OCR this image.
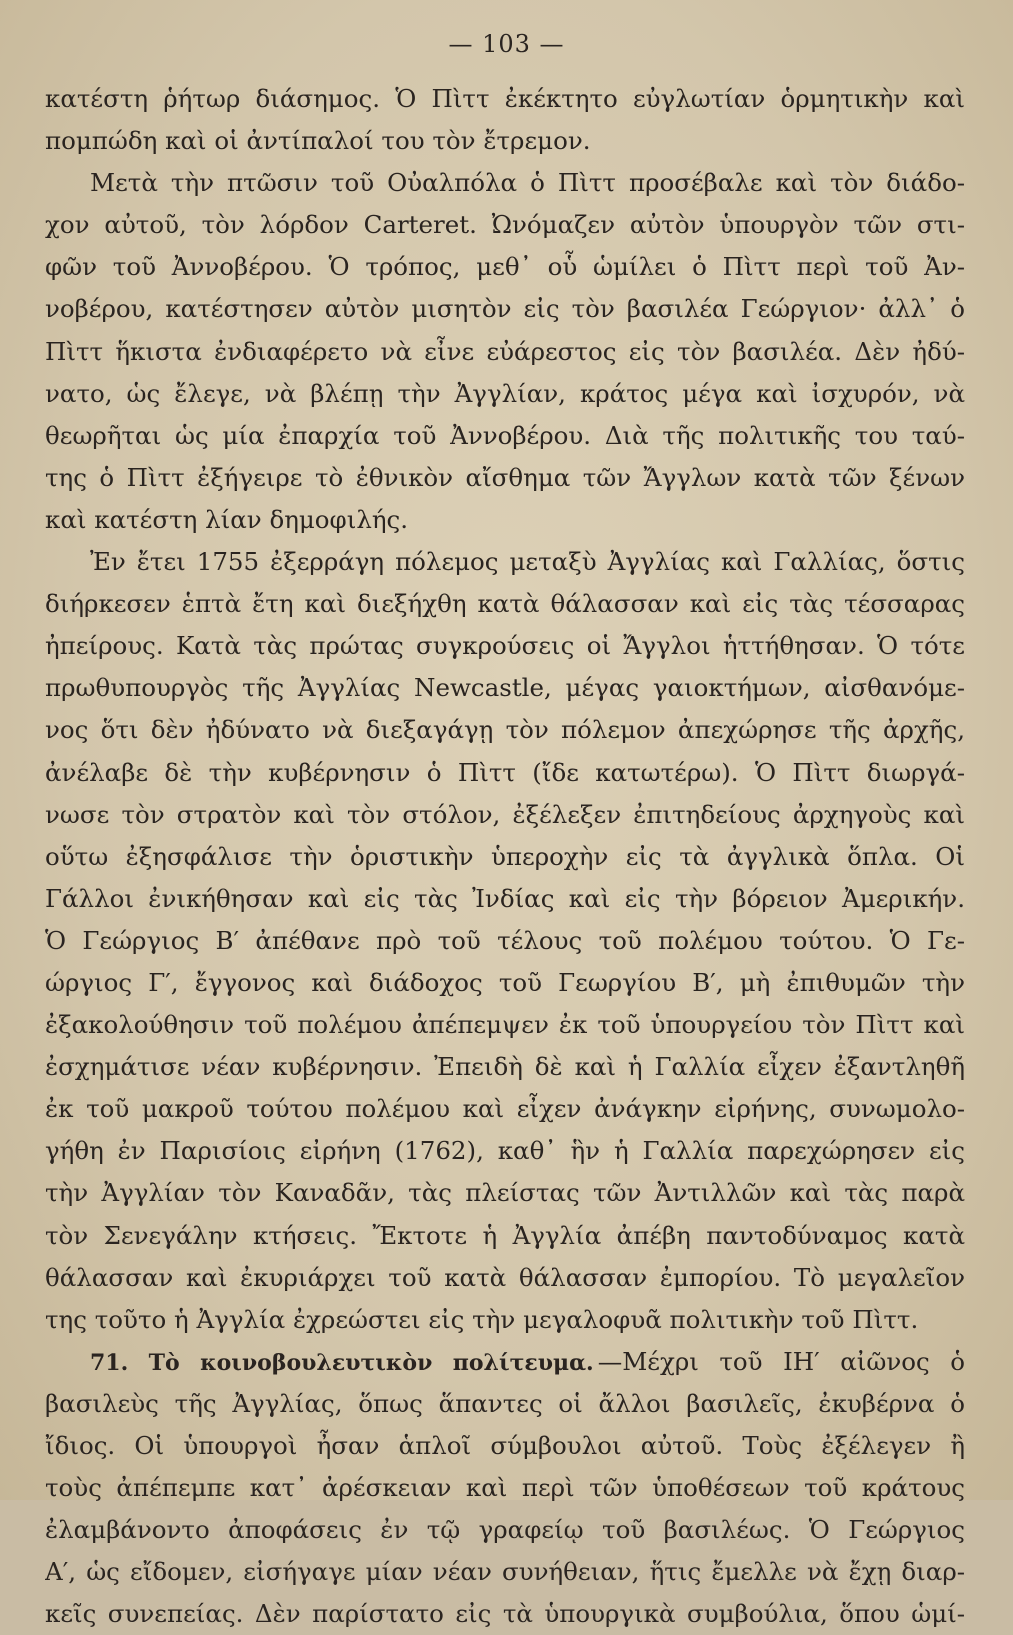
— 103 —
κατέστη ῥήτωρ διάσημος. Ὁ Πὶττ ἐκέκτητο εὐγλωτίαν ὁρμητικὴν καὶ
πομπώδη καὶ οἱ ἀντίπαλοί του τὸν ἔτρεμον.
Μετὰ τὴν πτῶσιν τοῦ Οὐαλπόλα ὁ Πὶττ προσέβαλε καὶ τὸν διάδο-
χον αὐτοῦ, τὸν λόρδον Carteret. Ὠνόμαζεν αὐτὸν ὑπουργὸν τῶν στι-
φῶν τοῦ Ἀννοβέρου. Ὁ τρόπος, μεθ᾽ οὗ ὡμίλει ὁ Πὶττ περὶ τοῦ Ἀν-
νοβέρου, κατέστησεν αὐτὸν μισητὸν εἰς τὸν βασιλέα Γεώργιον· ἀλλ᾽ ὁ
Πὶττ ἥκιστα ἐνδιαφέρετο νὰ εἶνε εὐάρεστος εἰς τὸν βασιλέα. Δὲν ἠδύ-
νατο, ὡς ἔλεγε, νὰ βλέπῃ τὴν Ἀγγλίαν, κράτος μέγα καὶ ἰσχυρόν, νὰ
θεωρῆται ὡς μία ἐπαρχία τοῦ Ἀννοβέρου. Διὰ τῆς πολιτικῆς του ταύ-
της ὁ Πὶττ ἐξήγειρε τὸ ἐθνικὸν αἴσθημα τῶν Ἄγγλων κατὰ τῶν ξένων
καὶ κατέστη λίαν δημοφιλής.
Ἐν ἔτει 1755 ἐξερράγη πόλεμος μεταξὺ Ἀγγλίας καὶ Γαλλίας, ὅστις
διήρκεσεν ἑπτὰ ἔτη καὶ διεξήχθη κατὰ θάλασσαν καὶ εἰς τὰς τέσσαρας
ἠπείρους. Κατὰ τὰς πρώτας συγκρούσεις οἱ Ἄγγλοι ἡττήθησαν. Ὁ τότε
πρωθυπουργὸς τῆς Ἀγγλίας Newcastle, μέγας γαιοκτήμων, αἰσθανόμε-
νος ὅτι δὲν ἠδύνατο νὰ διεξαγάγῃ τὸν πόλεμον ἀπεχώρησε τῆς ἀρχῆς,
ἀνέλαβε δὲ τὴν κυβέρνησιν ὁ Πὶττ (ἴδε κατωτέρω). Ὁ Πὶττ διωργά-
νωσε τὸν στρατὸν καὶ τὸν στόλον, ἐξέλεξεν ἐπιτηδείους ἀρχηγοὺς καὶ
οὕτω ἐξησφάλισε τὴν ὁριστικὴν ὑπεροχὴν εἰς τὰ ἀγγλικὰ ὅπλα. Οἱ
Γάλλοι ἐνικήθησαν καὶ εἰς τὰς Ἰνδίας καὶ εἰς τὴν βόρειον Ἀμερικήν.
Ὁ Γεώργιος Β′ ἀπέθανε πρὸ τοῦ τέλους τοῦ πολέμου τούτου. Ὁ Γε-
ώργιος Γ′, ἔγγονος καὶ διάδοχος τοῦ Γεωργίου Β′, μὴ ἐπιθυμῶν τὴν
ἐξακολούθησιν τοῦ πολέμου ἀπέπεμψεν ἐκ τοῦ ὑπουργείου τὸν Πὶττ καὶ
ἐσχημάτισε νέαν κυβέρνησιν. Ἐπειδὴ δὲ καὶ ἡ Γαλλία εἶχεν ἐξαντληθῆ
ἐκ τοῦ μακροῦ τούτου πολέμου καὶ εἶχεν ἀνάγκην εἰρήνης, συνωμολο-
γήθη ἐν Παρισίοις εἰρήνη (1762), καθ᾽ ἣν ἡ Γαλλία παρεχώρησεν εἰς
τὴν Ἀγγλίαν τὸν Καναδᾶν, τὰς πλείστας τῶν Ἀντιλλῶν καὶ τὰς παρὰ
τὸν Σενεγάλην κτήσεις. Ἔκτοτε ἡ Ἀγγλία ἀπέβη παντοδύναμος κατὰ
θάλασσαν καὶ ἐκυριάρχει τοῦ κατὰ θάλασσαν ἐμπορίου. Τὸ μεγαλεῖον
της τοῦτο ἡ Ἀγγλία ἐχρεώστει εἰς τὴν μεγαλοφυᾶ πολιτικὴν τοῦ Πὶττ.
71. Τὸ κοινοβουλευτικὸν πολίτευμα. —Μέχρι τοῦ ΙΗ′ αἰῶνος ὁ
βασιλεὺς τῆς Ἀγγλίας, ὅπως ἅπαντες οἱ ἄλλοι βασιλεῖς, ἐκυβέρνα ὁ
ἴδιος. Οἱ ὑπουργοὶ ἦσαν ἁπλοῖ σύμβουλοι αὐτοῦ. Τοὺς ἐξέλεγεν ἢ
τοὺς ἀπέπεμπε κατ᾽ ἀρέσκειαν καὶ περὶ τῶν ὑποθέσεων τοῦ κράτους
ἐλαμβάνοντο ἀποφάσεις ἐν τῷ γραφείῳ τοῦ βασιλέως. Ὁ Γεώργιος
Α′, ὡς εἴδομεν, εἰσήγαγε μίαν νέαν συνήθειαν, ἥτις ἔμελλε νὰ ἔχῃ διαρ-
κεῖς συνεπείας. Δὲν παρίστατο εἰς τὰ ὑπουργικὰ συμβούλια, ὅπου ὡμί-
